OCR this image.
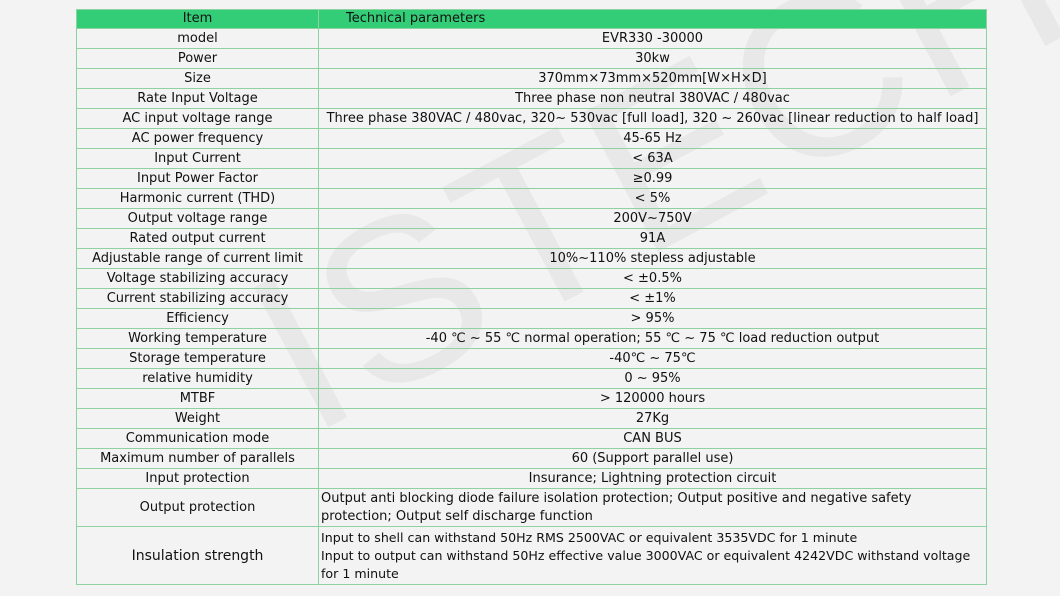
Item	Technical parameters
model	EVR330 -30000
Power	30kw
Size	370mm×73mm×520mm[W×H×D]
Rate Input Voltage	Three phase non neutral 380VAC / 480vac
AC input voltage range	Three phase 380VAC / 480vac, 320~ 530vac [full load], 320 ~ 260vac [linear reduction to half load]
AC power frequency	45-65 Hz
Input Current	< 63A
Input Power Factor	≥0.99
Harmonic current (THD)	< 5%
Output voltage range	200V~750V
Rated output current	91A
Adjustable range of current limit	10%~110% stepless adjustable
Voltage stabilizing accuracy	< ±0.5%
Current stabilizing accuracy	< ±1%
Efficiency	> 95%
Working temperature	-40 ℃ ~ 55 ℃ normal operation; 55 ℃ ~ 75 ℃ load reduction output
Storage temperature	-40℃ ~ 75℃
relative humidity	0 ~ 95%
MTBF	> 120000 hours
Weight	27Kg
Communication mode	CAN BUS
Maximum number of parallels	60 (Support parallel use)
Input protection	Insurance; Lightning protection circuit
Output protection	Output anti blocking diode failure isolation protection; Output positive and negative safety protection; Output self discharge function
Insulation strength	Input to shell can withstand 50Hz RMS 2500VAC or equivalent 3535VDC for 1 minute
Input to output can withstand 50Hz effective value 3000VAC or equivalent 4242VDC withstand voltage for 1 minute
